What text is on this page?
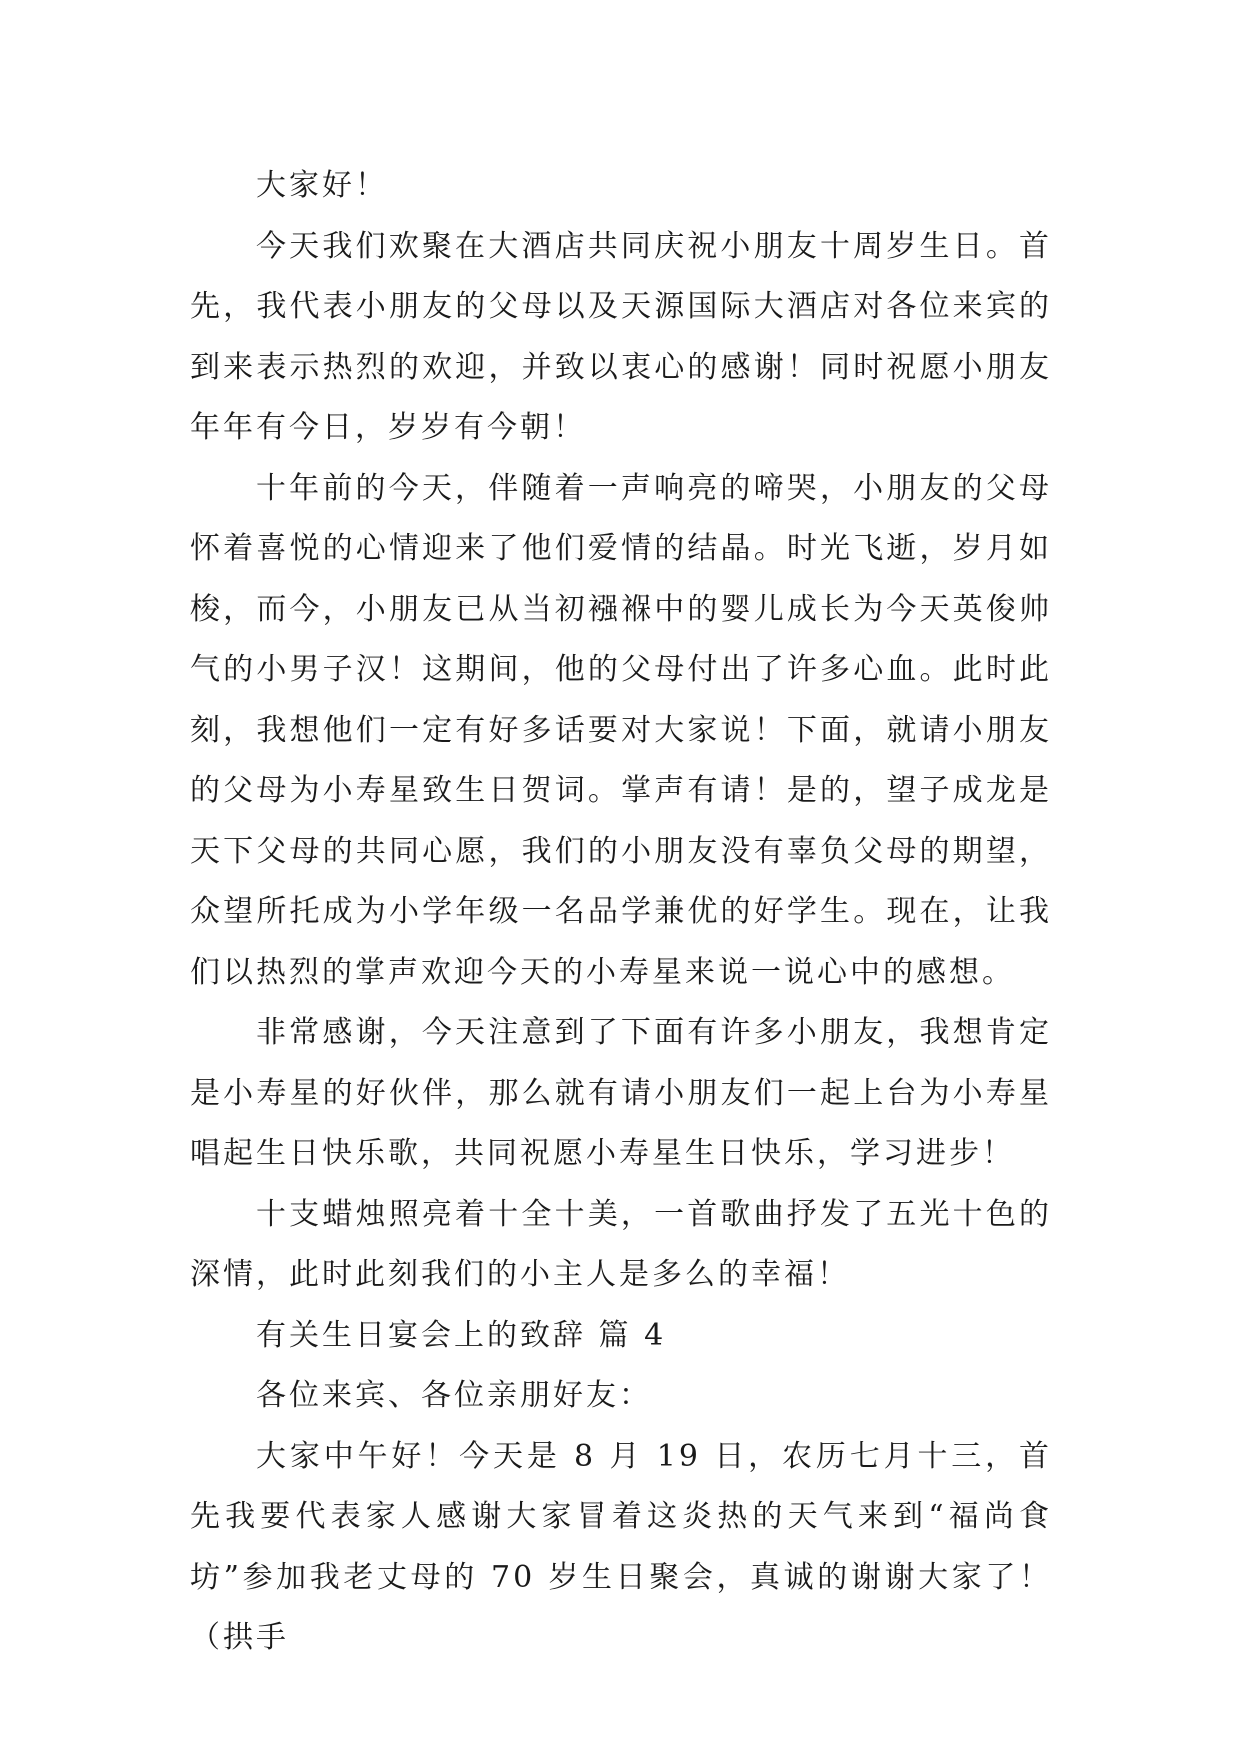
大家好！

今天我们欢聚在大酒店共同庆祝小朋友十周岁生日。首先，我代表小朋友的父母以及天源国际大酒店对各位来宾的到来表示热烈的欢迎，并致以衷心的感谢！同时祝愿小朋友年年有今日，岁岁有今朝！

十年前的今天，伴随着一声响亮的啼哭，小朋友的父母怀着喜悦的心情迎来了他们爱情的结晶。时光飞逝，岁月如梭，而今，小朋友已从当初襁褓中的婴儿成长为今天英俊帅气的小男子汉！这期间，他的父母付出了许多心血。此时此刻，我想他们一定有好多话要对大家说！下面，就请小朋友的父母为小寿星致生日贺词。掌声有请！是的，望子成龙是天下父母的共同心愿，我们的小朋友没有辜负父母的期望，众望所托成为小学年级一名品学兼优的好学生。现在，让我们以热烈的掌声欢迎今天的小寿星来说一说心中的感想。

非常感谢，今天注意到了下面有许多小朋友，我想肯定是小寿星的好伙伴，那么就有请小朋友们一起上台为小寿星唱起生日快乐歌，共同祝愿小寿星生日快乐，学习进步！

十支蜡烛照亮着十全十美，一首歌曲抒发了五光十色的深情，此时此刻我们的小主人是多么的幸福！

有关生日宴会上的致辞 篇 4

各位来宾、各位亲朋好友：

大家中午好！今天是 8 月 19 日，农历七月十三，首先我要代表家人感谢大家冒着这炎热的天气来到“福尚食坊”参加我老丈母的 70 岁生日聚会，真诚的谢谢大家了！（拱手
